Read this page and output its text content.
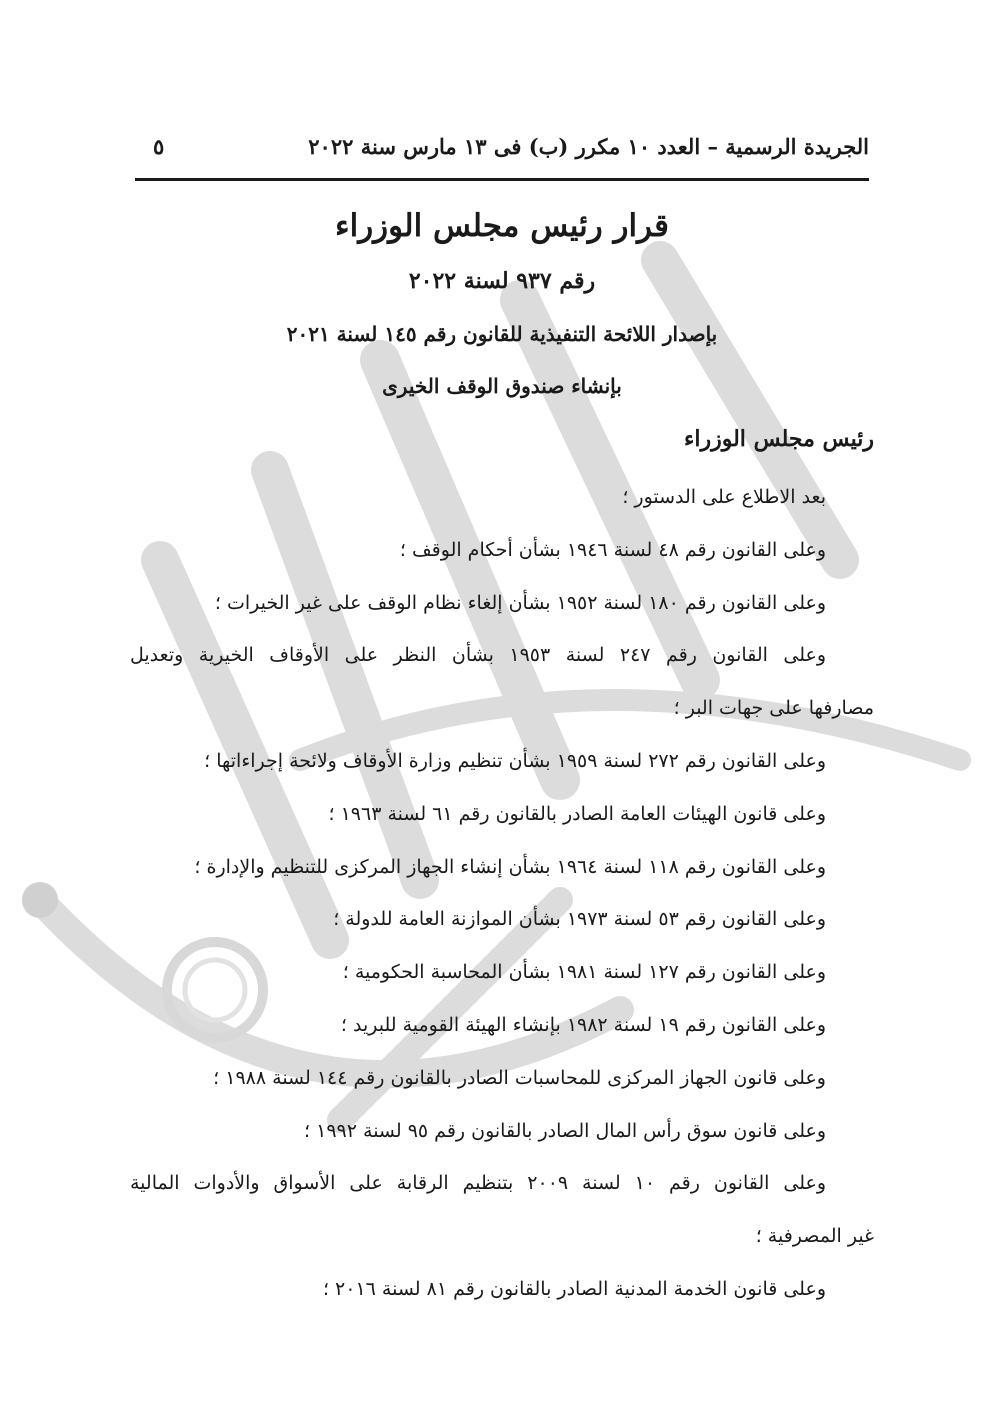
الجريدة الرسمية – العدد ١٠ مكرر (ب) فى ١٣ مارس سنة ٢٠٢٢
٥
قرار رئيس مجلس الوزراء
رقم ٩٣٧ لسنة ٢٠٢٢
بإصدار اللائحة التنفيذية للقانون رقم ١٤٥ لسنة ٢٠٢١
بإنشاء صندوق الوقف الخيرى
رئيس مجلس الوزراء
بعد الاطلاع على الدستور ؛
وعلى القانون رقم ٤٨ لسنة ١٩٤٦ بشأن أحكام الوقف ؛
وعلى القانون رقم ١٨٠ لسنة ١٩٥٢ بشأن إلغاء نظام الوقف على غير الخيرات ؛
وعلى القانون رقم ٢٤٧ لسنة ١٩٥٣ بشأن النظر على الأوقاف الخيرية وتعديل
مصارفها على جهات البر ؛
وعلى القانون رقم ٢٧٢ لسنة ١٩٥٩ بشأن تنظيم وزارة الأوقاف ولائحة إجراءاتها ؛
وعلى قانون الهيئات العامة الصادر بالقانون رقم ٦١ لسنة ١٩٦٣ ؛
وعلى القانون رقم ١١٨ لسنة ١٩٦٤ بشأن إنشاء الجهاز المركزى للتنظيم والإدارة ؛
وعلى القانون رقم ٥٣ لسنة ١٩٧٣ بشأن الموازنة العامة للدولة ؛
وعلى القانون رقم ١٢٧ لسنة ١٩٨١ بشأن المحاسبة الحكومية ؛
وعلى القانون رقم ١٩ لسنة ١٩٨٢ بإنشاء الهيئة القومية للبريد ؛
وعلى قانون الجهاز المركزى للمحاسبات الصادر بالقانون رقم ١٤٤ لسنة ١٩٨٨ ؛
وعلى قانون سوق رأس المال الصادر بالقانون رقم ٩٥ لسنة ١٩٩٢ ؛
وعلى القانون رقم ١٠ لسنة ٢٠٠٩ بتنظيم الرقابة على الأسواق والأدوات المالية
غير المصرفية ؛
وعلى قانون الخدمة المدنية الصادر بالقانون رقم ٨١ لسنة ٢٠١٦ ؛
